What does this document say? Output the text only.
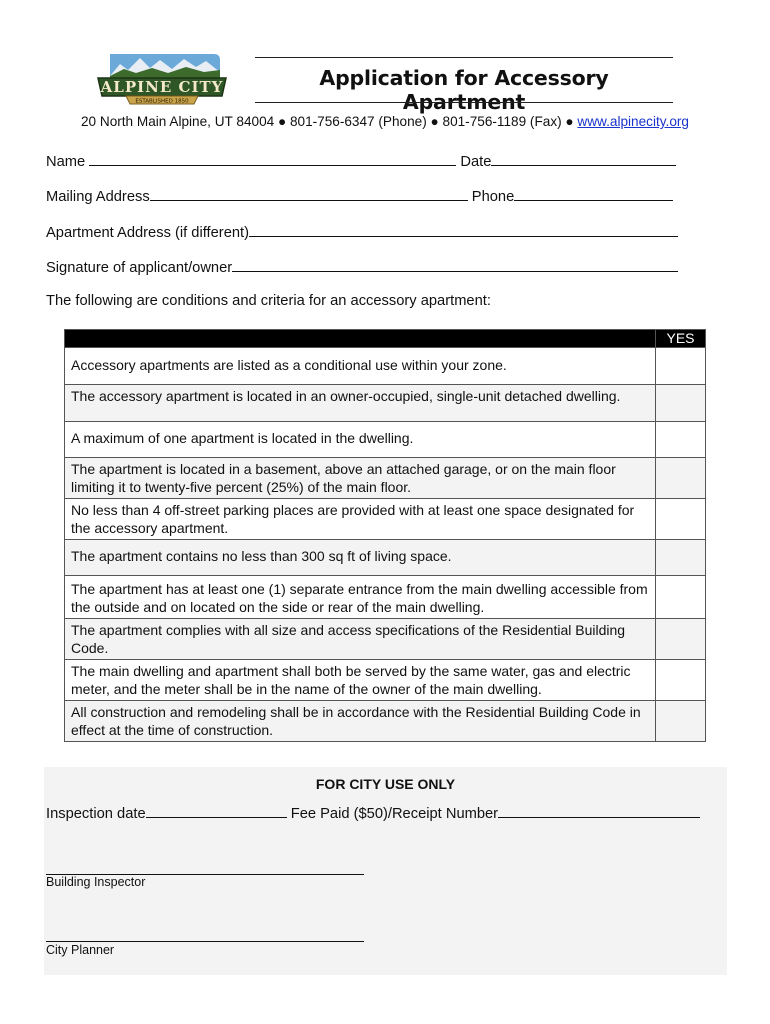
ALPINE CITY
ESTABLISHED 1850
Application for Accessory Apartment
20 North Main Alpine, UT 84004 ● 801-756-6347 (Phone) ● 801-756-1189 (Fax) ● www.alpinecity.org
Name	Date
Mailing Address	Phone
Apartment Address (if different)
Signature of applicant/owner
The following are conditions and criteria for an accessory apartment:
	YES
Accessory apartments are listed as a conditional use within your zone.	
The accessory apartment is located in an owner-occupied, single-unit detached dwelling.	
A maximum of one apartment is located in the dwelling.	
The apartment is located in a basement, above an attached garage, or on the main floor limiting it to twenty-five percent (25%) of the main floor.	
No less than 4 off-street parking places are provided with at least one space designated for the accessory apartment.	
The apartment contains no less than 300 sq ft of living space.	
The apartment has at least one (1) separate entrance from the main dwelling accessible from the outside and on located on the side or rear of the main dwelling.	
The apartment complies with all size and access specifications of the Residential Building Code.	
The main dwelling and apartment shall both be served by the same water, gas and electric meter, and the meter shall be in the name of the owner of the main dwelling.	
All construction and remodeling shall be in accordance with the Residential Building Code in effect at the time of construction.	
FOR CITY USE ONLY
Inspection date	Fee Paid ($50)/Receipt Number
Building Inspector
City Planner
